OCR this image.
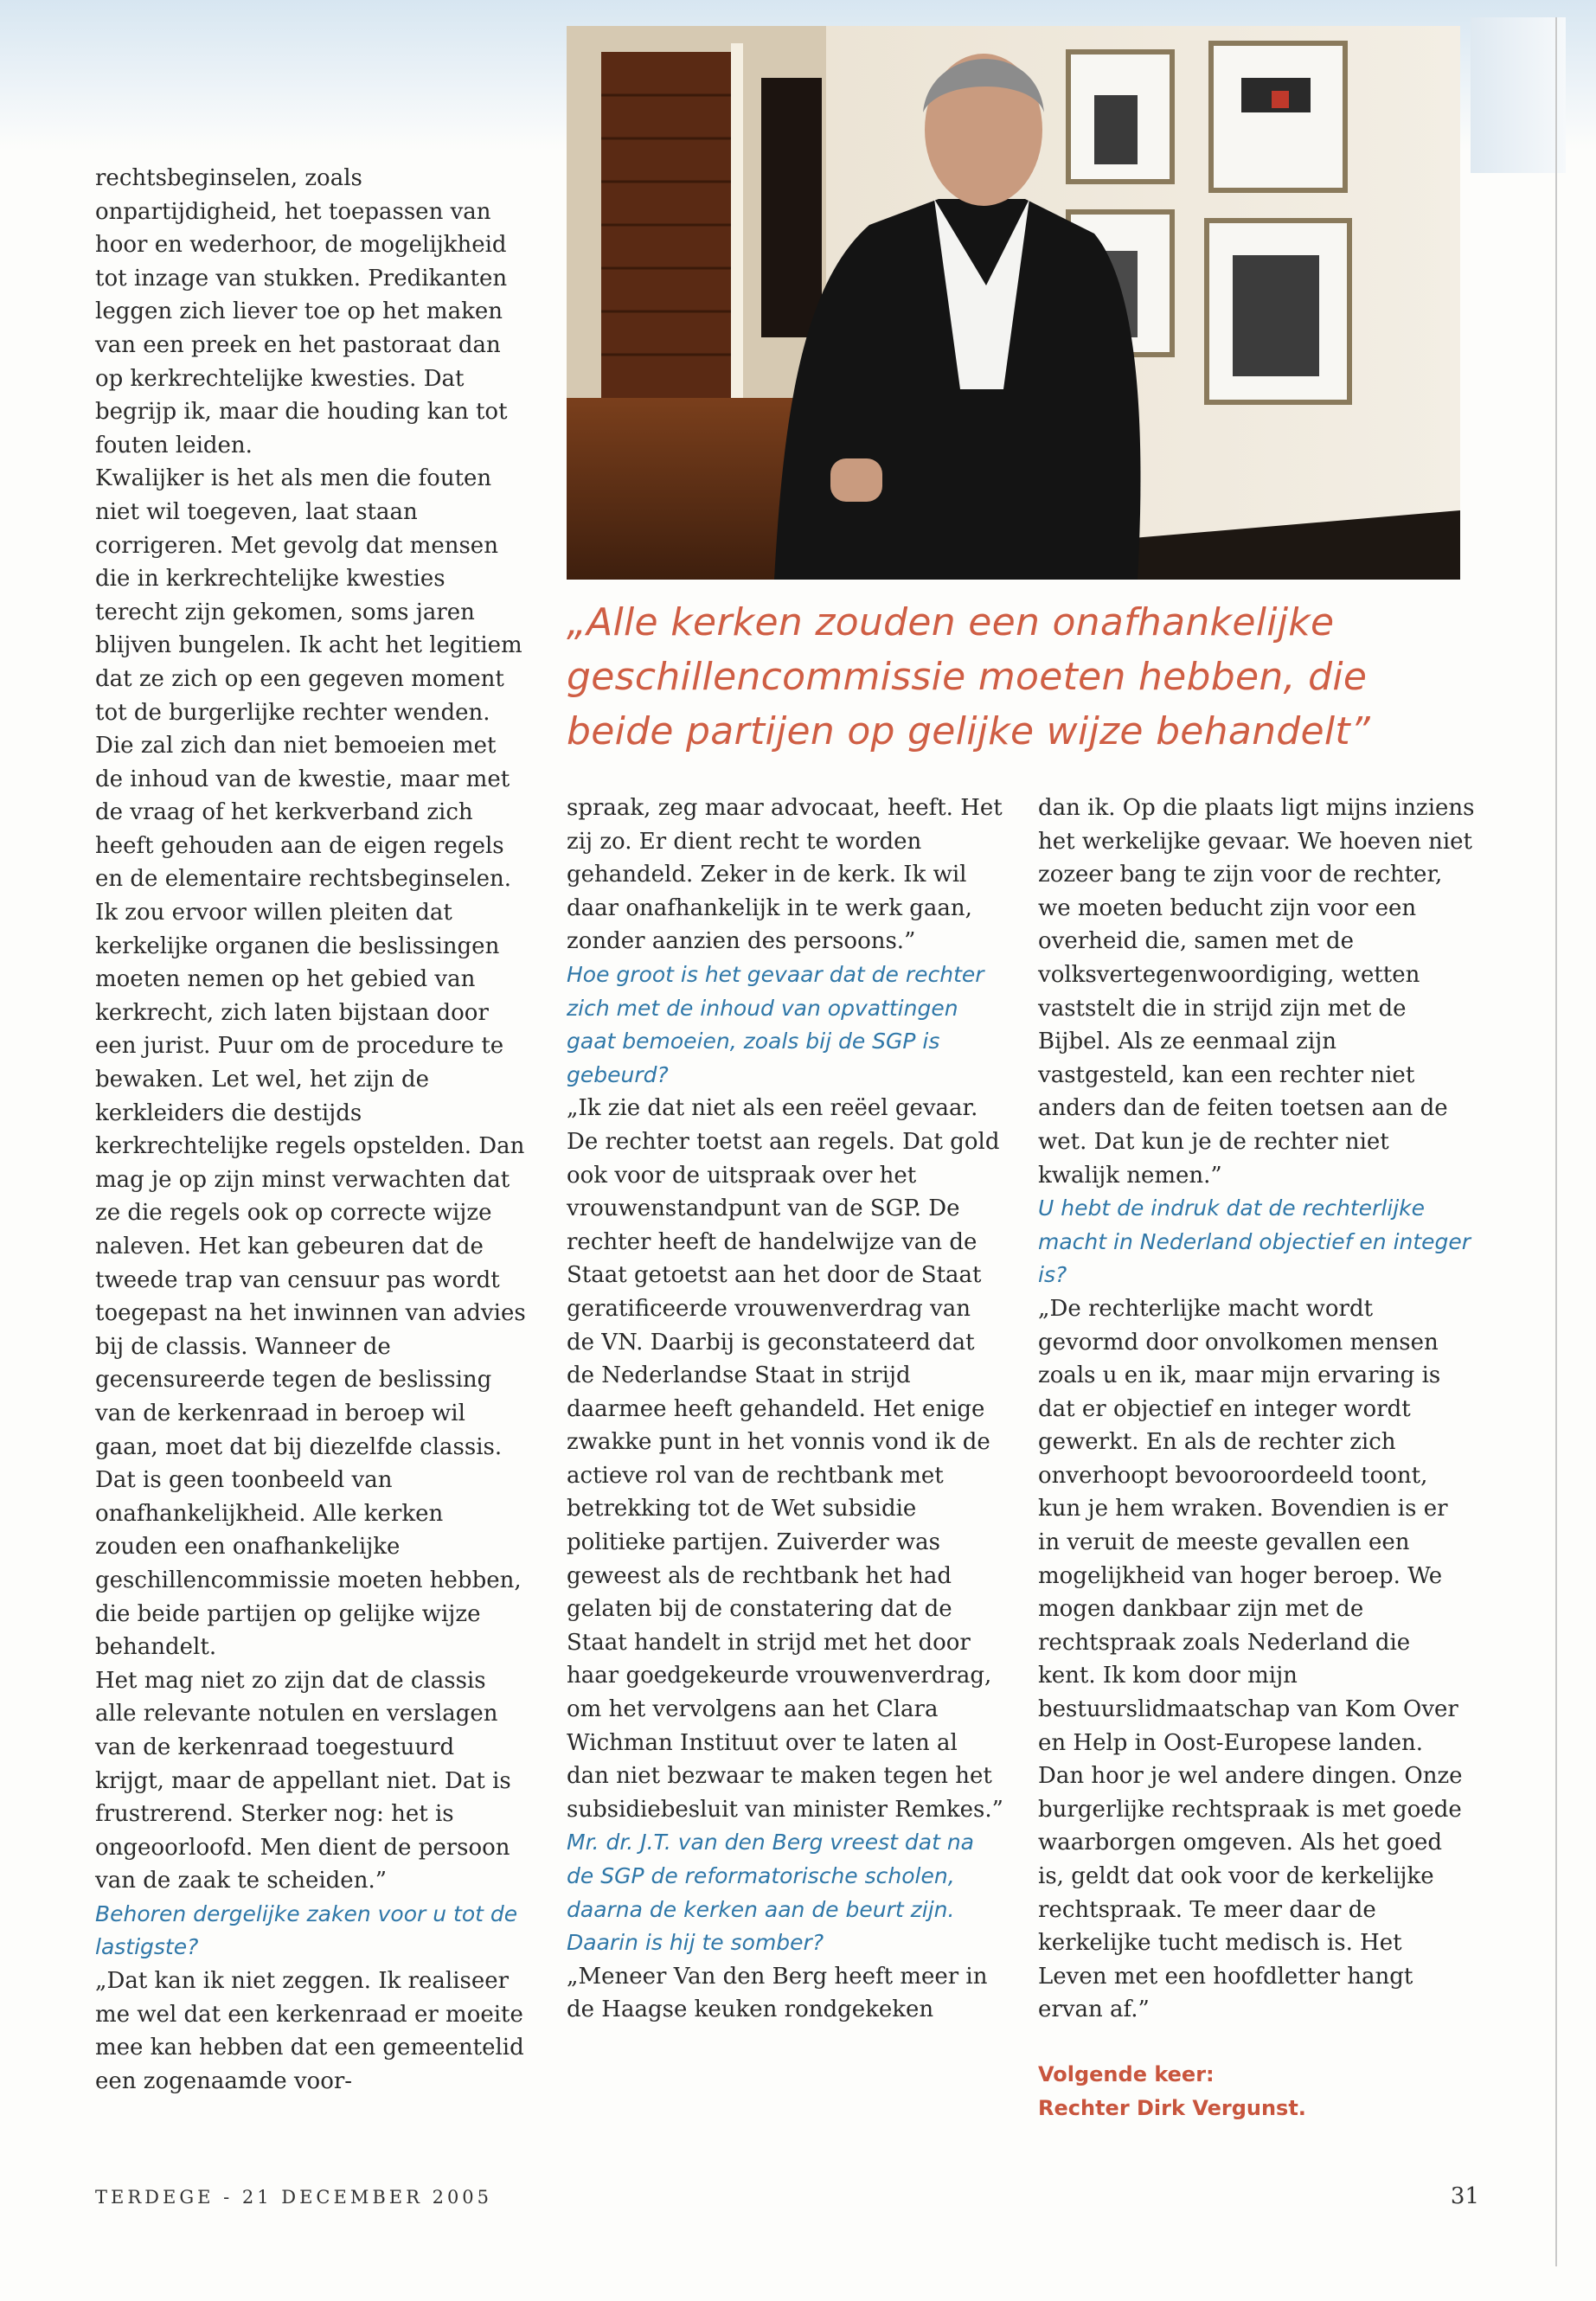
„Alle kerken zouden een onafhankelijke geschillencommissie moeten hebben, die beide partijen op gelijke wijze behandelt”

rechtsbeginselen, zoals onpartijdigheid, het toepassen van hoor en wederhoor, de mogelijkheid tot inzage van stukken. Predikanten leggen zich liever toe op het maken van een preek en het pastoraat dan op kerkrechtelijke kwesties. Dat begrijp ik, maar die houding kan tot fouten leiden.

Kwalijker is het als men die fouten niet wil toegeven, laat staan corrigeren. Met gevolg dat mensen die in kerkrechtelijke kwesties terecht zijn gekomen, soms jaren blijven bungelen. Ik acht het legitiem dat ze zich op een gegeven moment tot de burgerlijke rechter wenden. Die zal zich dan niet bemoeien met de inhoud van de kwestie, maar met de vraag of het kerkverband zich heeft gehouden aan de eigen regels en de elementaire rechtsbeginselen.

Ik zou ervoor willen pleiten dat kerkelijke organen die beslissingen moeten nemen op het gebied van kerkrecht, zich laten bijstaan door een jurist. Puur om de procedure te bewaken. Let wel, het zijn de kerkleiders die destijds kerkrechtelijke regels opstelden. Dan mag je op zijn minst verwachten dat ze die regels ook op correcte wijze naleven. Het kan gebeuren dat de tweede trap van censuur pas wordt toegepast na het inwinnen van advies bij de classis. Wanneer de gecensureerde tegen de beslissing van de kerkenraad in beroep wil gaan, moet dat bij diezelfde classis. Dat is geen toonbeeld van onafhankelijkheid. Alle kerken zouden een onafhankelijke geschillencommissie moeten hebben, die beide partijen op gelijke wijze behandelt.

Het mag niet zo zijn dat de classis alle relevante notulen en verslagen van de kerkenraad toegestuurd krijgt, maar de appellant niet. Dat is frustrerend. Sterker nog: het is ongeoorloofd. Men dient de persoon van de zaak te scheiden.”

Behoren dergelijke zaken voor u tot de lastigste?

„Dat kan ik niet zeggen. Ik realiseer me wel dat een kerkenraad er moeite mee kan hebben dat een gemeentelid een zogenaamde voor-

spraak, zeg maar advocaat, heeft. Het zij zo. Er dient recht te worden gehandeld. Zeker in de kerk. Ik wil daar onafhankelijk in te werk gaan, zonder aanzien des persoons.”

Hoe groot is het gevaar dat de rechter zich met de inhoud van opvattingen gaat bemoeien, zoals bij de SGP is gebeurd?

„Ik zie dat niet als een reëel gevaar. De rechter toetst aan regels. Dat gold ook voor de uitspraak over het vrouwenstandpunt van de SGP. De rechter heeft de handelwijze van de Staat getoetst aan het door de Staat geratificeerde vrouwenverdrag van de VN. Daarbij is geconstateerd dat de Nederlandse Staat in strijd daarmee heeft gehandeld. Het enige zwakke punt in het vonnis vond ik de actieve rol van de rechtbank met betrekking tot de Wet subsidie politieke partijen. Zuiverder was geweest als de rechtbank het had gelaten bij de constatering dat de Staat handelt in strijd met het door haar goedgekeurde vrouwenverdrag, om het vervolgens aan het Clara Wichman Instituut over te laten al dan niet bezwaar te maken tegen het subsidiebesluit van minister Remkes.”

Mr. dr. J.T. van den Berg vreest dat na de SGP de reformatorische scholen, daarna de kerken aan de beurt zijn. Daarin is hij te somber?

„Meneer Van den Berg heeft meer in de Haagse keuken rondgekeken

dan ik. Op die plaats ligt mijns inziens het werkelijke gevaar. We hoeven niet zozeer bang te zijn voor de rechter, we moeten beducht zijn voor een overheid die, samen met de volksvertegenwoordiging, wetten vaststelt die in strijd zijn met de Bijbel. Als ze eenmaal zijn vastgesteld, kan een rechter niet anders dan de feiten toetsen aan de wet. Dat kun je de rechter niet kwalijk nemen.”

U hebt de indruk dat de rechterlijke macht in Nederland objectief en integer is?

„De rechterlijke macht wordt gevormd door onvolkomen mensen zoals u en ik, maar mijn ervaring is dat er objectief en integer wordt gewerkt. En als de rechter zich onverhoopt bevooroordeeld toont, kun je hem wraken. Bovendien is er in veruit de meeste gevallen een mogelijkheid van hoger beroep. We mogen dankbaar zijn met de rechtspraak zoals Nederland die kent. Ik kom door mijn bestuurslidmaatschap van Kom Over en Help in Oost-Europese landen. Dan hoor je wel andere dingen. Onze burgerlijke rechtspraak is met goede waarborgen omgeven. Als het goed is, geldt dat ook voor de kerkelijke rechtspraak. Te meer daar de kerkelijke tucht medisch is. Het Leven met een hoofdletter hangt ervan af.”

Volgende keer:
Rechter Dirk Vergunst.
TERDEGE - 21 DECEMBER 2005	31
